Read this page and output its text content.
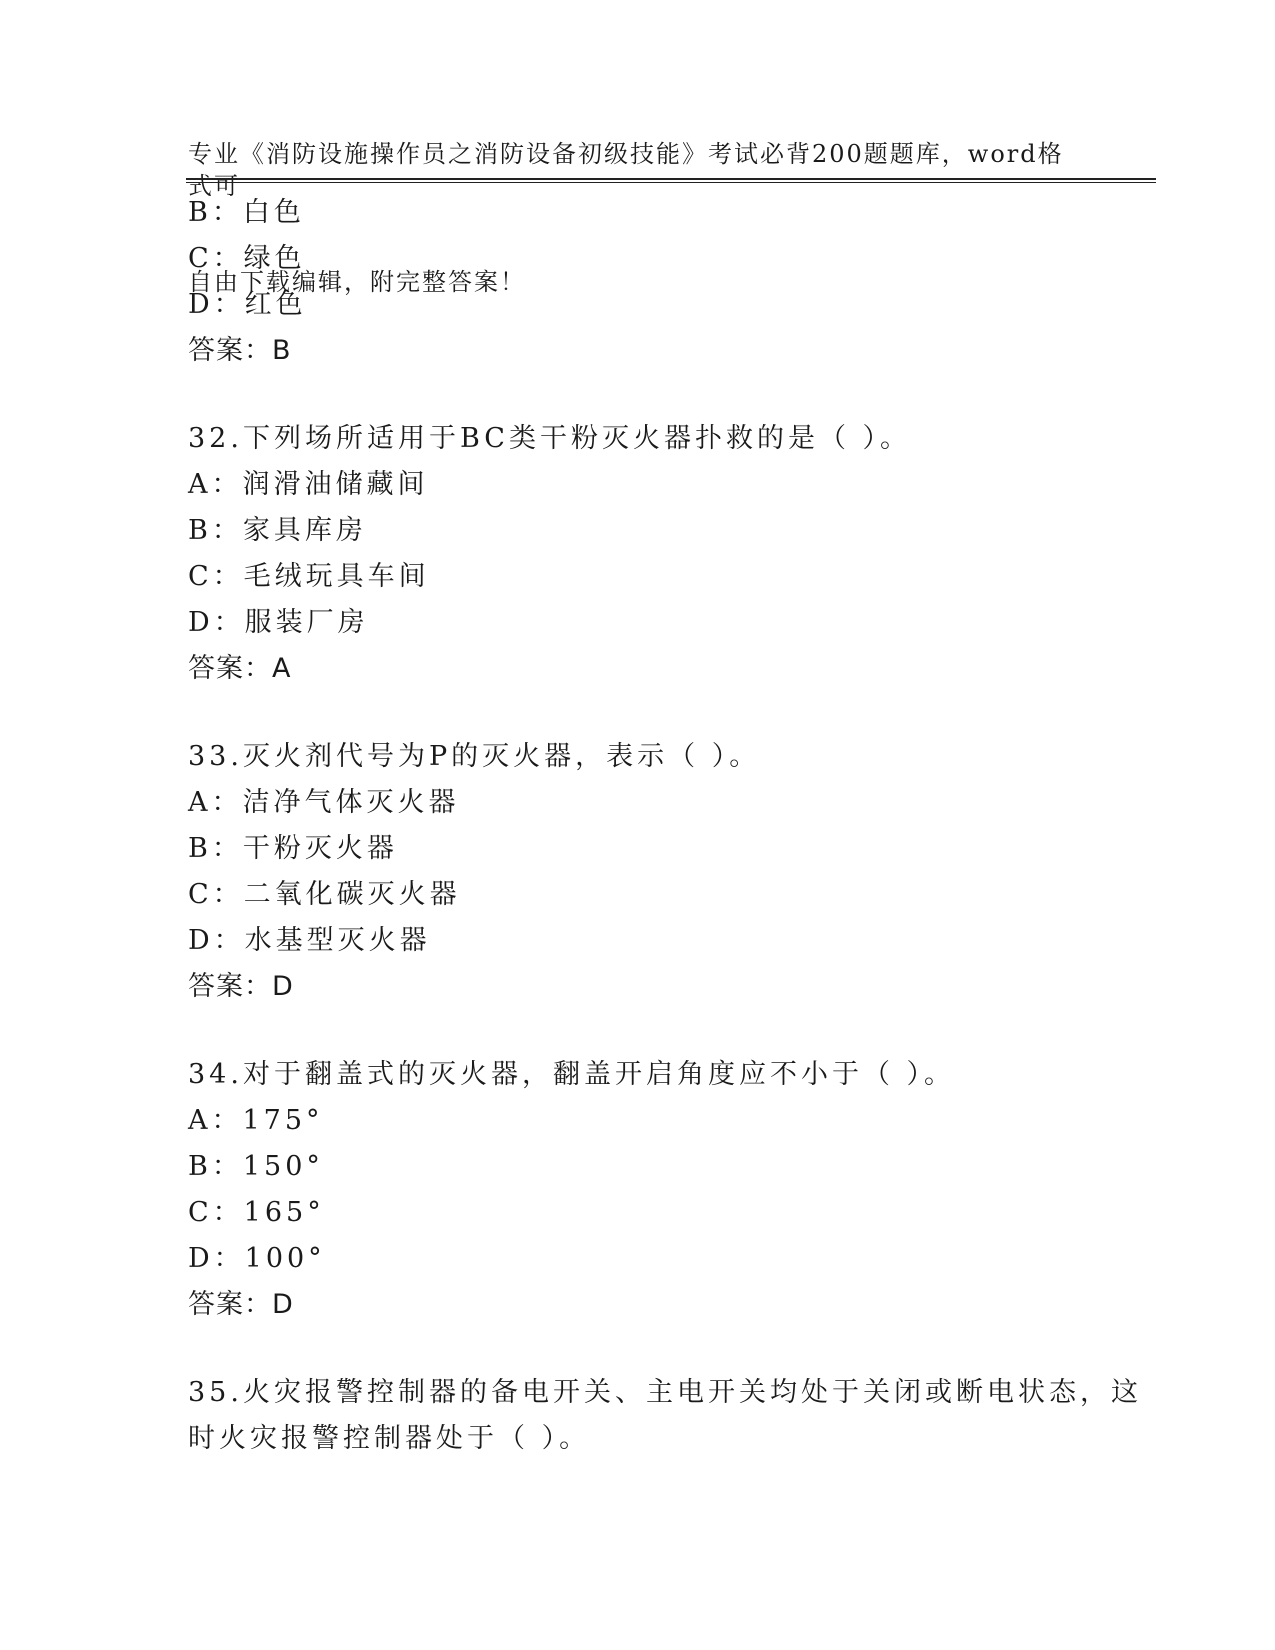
专业《消防设施操作员之消防设备初级技能》考试必背200题题库，word格式可

自由下载编辑，附完整答案！

B：白色
C：绿色
D：红色
答案：B
32.下列场所适用于BC类干粉灭火器扑救的是（ ）。
A：润滑油储藏间
B：家具库房
C：毛绒玩具车间
D：服装厂房
答案：A
33.灭火剂代号为P的灭火器，表示（ ）。
A：洁净气体灭火器
B：干粉灭火器
C：二氧化碳灭火器
D：水基型灭火器
答案：D
34.对于翻盖式的灭火器，翻盖开启角度应不小于（ ）。
A：175°
B：150°
C：165°
D：100°
答案：D
35.火灾报警控制器的备电开关、主电开关均处于关闭或断电状态，这
时火灾报警控制器处于（ ）。
